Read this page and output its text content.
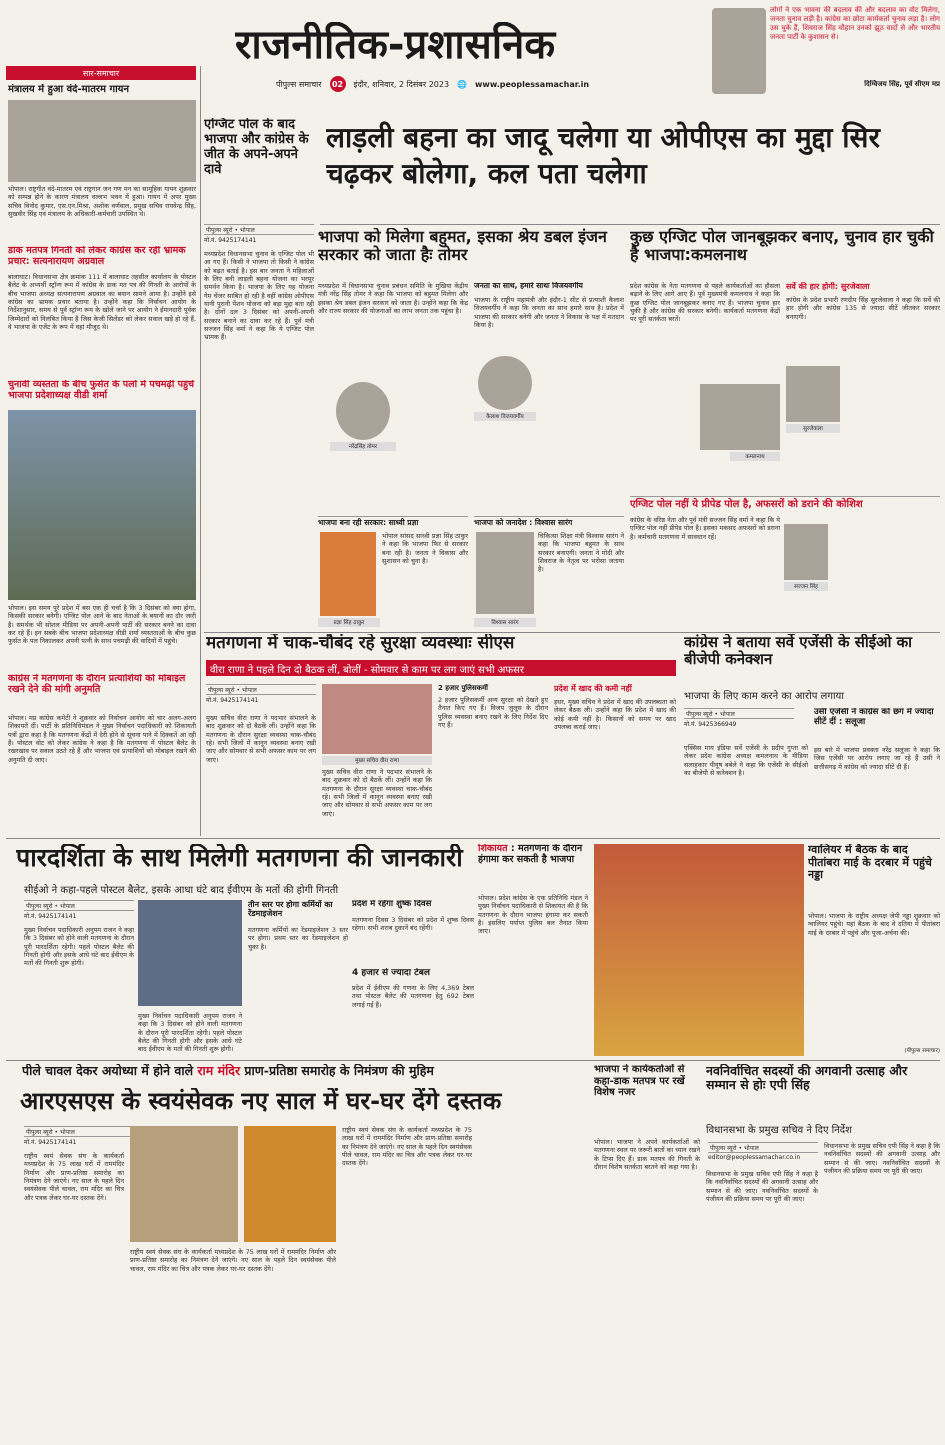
राजनीतिक-प्रशासनिक
पीपुल्स समाचार	02	इंदौर, शनिवार, 2 दिसंबर 2023 🌐 www.peoplessamachar.in
लोगों ने एक भावना की बदलाव की और बदलाव का वोट मिलेगा, जनता चुनाव लड़ी है। कांग्रेस का छोटा कार्यकर्ता चुनाव लड़ा है। लोग उस चुके हैं, शिवराज सिंह चौहान उनको झूठ वादों से और भारतीय जनता पार्टी के कुशासन से।
दिग्विजय सिंह, पूर्व सीएम मप्र
सार-समाचार
मंत्रालय में हुआ वंदे-मातरम गायन
भोपाल। राष्ट्रगीत वंदे-मातरम एवं राष्ट्रगान जन गण मन का सामूहिक गायन शुक्रवार को सम्पन्न होने के कारण मंत्रालय वल्लभ भवन में हुआ। गायन में अपर मुख्य सचिव विनोद कुमार, एस.एन.मिश्रा, अशोक वर्णवाल, प्रमुख सचिव राघवेन्द्र सिंह, सुखवीर सिंह एवं मंत्रालय के अधिकारी-कर्मचारी उपस्थित थे।
डाक मतपत्र गिनती को लेकर कांग्रेस कर रही भ्रामक प्रचार: सत्यनारायण अग्रवाल
बालाघाट। विधानसभा क्षेत्र क्रमांक 111 में बालाघाट तहसील कार्यालय के पोस्टल बैलेट के अभ्यर्थी स्ट्रॉन्ग रूम में कांग्रेस के डाक मत पत्र की गिनती के आरोपों के बीच भाजपा अध्यक्ष सत्यनारायण अग्रवाल का बयान सामने आया है। उन्होंने इसे कांग्रेस का भ्रामक प्रचार बताया है। उन्होंने कहा कि निर्वाचन आयोग के निर्देशानुसार, समय से पूर्व स्ट्रॉन्ग रूम के खोले जाने पर आयोग ने ईमानदारी पूर्वक जिम्मेदारों को निलंबित किया है जिस केजी सिलेंडर को लेकर सवाल खड़े हो रहे हैं, वे भाजपा के एजेंट के रूप में वहां मौजूद थे।
चुनावी व्यस्तता के बीच फुर्सत के पलों में पचमढ़ी पहुंचे भाजपा प्रदेशाध्यक्ष वीडी शर्मा
भोपाल। इस समय पूरे प्रदेश में बस एक ही चर्चा है कि 3 दिसंबर को क्या होगा, किसकी सरकार बनेगी। एग्जिट पोल आने के बाद नेताओं के बयानों का दौर जारी है। समर्थक भी सोशल मीडिया पर अपनी-अपनी पार्टी की सरकार बनने का दावा कर रहे हैं। इन सबके बीच भाजपा प्रदेशाध्यक्ष वीडी शर्मा व्यस्तताओं के बीच कुछ फुर्सत के पल निकालकर अपनी पत्नी के साथ पचमढ़ी की वादियों में पहुंचे।
कांग्रेस ने मतगणना के दौरान प्रत्याशियों को मोबाइल रखने देने की मांगी अनुमति
भोपाल। मप्र कांग्रेस कमेटी ने शुक्रवार को निर्वाचन आयोग को चार अलग-अलग शिकायतें दीं। पार्टी के प्रतिनिधिमंडल ने मुख्य निर्वाचन पदाधिकारी को शिकायती पत्रों द्वारा कहा है कि मतगणना केंद्रों में देरी होने से सूचना पाने में दिक्कतें आ रही हैं। पोस्टल वोट को लेकर कांग्रेस ने कहा है कि मतगणना में पोस्टल बैलेट के रखरखाव पर सवाल उठते रहे हैं और भाजपा एवं प्रत्याशियों को मोबाइल रखने की अनुमति दी जाए।
एग्जिट पोल के बाद भाजपा और कांग्रेस के जीत के अपने-अपने दावे
पीपुल्स ब्यूरो • भोपाल
मो.नं. 9425174141
मध्यप्रदेश विधानसभा चुनाव के एग्जिट पोल भी आ गए हैं। किसी ने भाजपा तो किसी ने कांग्रेस को बढ़त बताई है। इस बार जनता ने महिलाओं के लिए बनी लाड़ली बहना योजना का भरपूर समर्थन किया है। भाजपा के लिए यह योजना गेम चेंजर साबित हो रही है वहीं कांग्रेस ओपीएस यानी पुरानी पेंशन योजना को बड़ा मुद्दा बता रही है। दोनों दल 3 दिसंबर को अपनी-अपनी सरकार बनाने का दावा कर रहे हैं। पूर्व मंत्री सज्जन सिंह वर्मा ने कहा कि ये एग्जिट पोल भ्रामक हैं।
लाड़ली बहना का जादू चलेगा या ओपीएस का मुद्दा सिर चढ़कर बोलेगा, कल पता चलेगा
भाजपा को मिलेगा बहुमत, इसका श्रेय डबल इंजन सरकार को जाता हैः तोमर
मध्यप्रदेश में विधानसभा चुनाव प्रबंधन समिति के मुखिया केंद्रीय मंत्री नरेंद्र सिंह तोमर ने कहा कि भाजपा को बहुमत मिलेगा और इसका श्रेय डबल इंजन सरकार को जाता है। उन्होंने कहा कि केंद्र और राज्य सरकार की योजनाओं का लाभ जनता तक पहुंचा है।
नरेंद्रसिंह तोमर
जनता का साथ, हमारे साथः विजयवर्गीय
भाजपा के राष्ट्रीय महामंत्री और इंदौर-1 सीट से प्रत्याशी कैलाश विजयवर्गीय ने कहा कि जनता का साथ हमारे साथ है। प्रदेश में भाजपा की सरकार बनेगी और जनता ने विकास के पक्ष में मतदान किया है।
कैलाश विजयवर्गीय
भाजपा बना रही सरकार: साध्वी प्रज्ञा
प्रज्ञा सिंह ठाकुर
भोपाल सांसद साध्वी प्रज्ञा सिंह ठाकुर ने कहा कि भाजपा फिर से सरकार बना रही है। जनता ने विकास और सुशासन को चुना है।
भाजपा को जनादेश : विश्वास सारंग
विश्वास सारंग
चिकित्सा शिक्षा मंत्री विश्वास सारंग ने कहा कि भाजपा बहुमत के साथ सरकार बनाएगी। जनता ने मोदी और शिवराज के नेतृत्व पर भरोसा जताया है।
कुछ एग्जिट पोल जानबूझकर बनाए, चुनाव हार चुकी है भाजपा:कमलनाथ
प्रदेश कांग्रेस के नेता मतगणना से पहले कार्यकर्ताओं का हौसला बढ़ाने के लिए आगे आए हैं। पूर्व मुख्यमंत्री कमलनाथ ने कहा कि कुछ एग्जिट पोल जानबूझकर बनाए गए हैं। भाजपा चुनाव हार चुकी है और कांग्रेस की सरकार बनेगी। कार्यकर्ता मतगणना केंद्रों पर पूरी सतर्कता बरतें।
कमलनाथ
सर्वे की हार होगी: सुरजेवाला
कांग्रेस के प्रदेश प्रभारी रणदीप सिंह सुरजेवाला ने कहा कि सर्वे की हार होगी और कांग्रेस 135 से ज्यादा सीटें जीतकर सरकार बनाएगी।
सुरजेवाला
एग्जिट पोल नहीं ये प्रीपेड पोल है, अफसरों को डराने की कोशिश
कांग्रेस के वरिष्ठ नेता और पूर्व मंत्री सज्जन सिंह वर्मा ने कहा कि ये एग्जिट पोल नहीं प्रीपेड पोल है। इसका मकसद अफसरों को डराना है। कर्मचारी मतगणना में सावधान रहें।
सज्जन सिंह
मतगणना में चाक-चौबंद रहे सुरक्षा व्यवस्थाः सीएस
वीरा राणा ने पहले दिन दो बैठक लीं, बोलीं - सोमवार से काम पर लग जाएं सभी अफसर
पीपुल्स ब्यूरो • भोपाल
मो.नं. 9425174141
मुख्य सचिव वीरा राणा ने पदभार संभालने के बाद शुक्रवार को दो बैठकें लीं। उन्होंने कहा कि मतगणना के दौरान सुरक्षा व्यवस्था चाक-चौबंद रहे। सभी जिलों में कानून व्यवस्था बनाए रखी जाए और सोमवार से सभी अफसर काम पर लग जाएं।	मुख्य सचिव वीरा राणा
मुख्य सचिव वीरा राणा ने पदभार संभालने के बाद शुक्रवार को दो बैठकें लीं। उन्होंने कहा कि मतगणना के दौरान सुरक्षा व्यवस्था चाक-चौबंद रहे। सभी जिलों में कानून व्यवस्था बनाए रखी जाए और सोमवार से सभी अफसर काम पर लग जाएं।
2 हजार पुलिसकर्मी
2 हजार पुलिसकर्मी अन्य सुरक्षा को देखते हुए तैनात किए गए हैं। विजय जुलूस के दौरान पुलिस व्यवस्था बनाए रखने के लिए निर्देश दिए गए हैं।
प्रदेश में खाद की कमी नहीं
इधर, मुख्य सचिव ने प्रदेश में खाद की उपलब्धता को लेकर बैठक ली। उन्होंने कहा कि प्रदेश में खाद की कोई कमी नहीं है। किसानों को समय पर खाद उपलब्ध कराई जाए।
कांग्रेस ने बताया सर्वे एजेंसी के सीईओ का बीजेपी कनेक्शन
भाजपा के लिए काम करने का आरोप लगाया
पीपुल्स ब्यूरो • भोपाल
मो.नं. 9425366949
एक्सिस माय इंडिया सर्वे एजेंसी के प्रदीप गुप्ता को लेकर प्रदेश कांग्रेस अध्यक्ष कमलनाथ के मीडिया सलाहकार पीयूष बबेले ने कहा कि एजेंसी के सीईओ का बीजेपी से कनेक्शन है।
उसी एजेंसी ने कांग्रेस को छग में ज्यादा सीटें दीं : सलूजा
इस बारे में भाजपा प्रवक्ता नरेंद्र सलूजा ने कहा कि जिस एजेंसी पर आरोप लगाए जा रहे हैं उसी ने छत्तीसगढ़ में कांग्रेस को ज्यादा सीटें दी हैं।
पारदर्शिता के साथ मिलेगी मतगणना की जानकारी
सीईओ ने कहा-पहले पोस्टल बैलेट, इसके आधा घंटे बाद ईवीएम के मतों की होगी गिनती
पीपुल्स ब्यूरो • भोपाल
मो.नं. 9425174141
मुख्य निर्वाचन पदाधिकारी अनुपम राजन ने कहा कि 3 दिसंबर को होने वाली मतगणना के दौरान पूरी पारदर्शिता रहेगी। पहले पोस्टल बैलेट की गिनती होगी और इसके आधे घंटे बाद ईवीएम के मतों की गिनती शुरू होगी।
मुख्य निर्वाचन पदाधिकारी अनुपम राजन ने कहा कि 3 दिसंबर को होने वाली मतगणना के दौरान पूरी पारदर्शिता रहेगी। पहले पोस्टल बैलेट की गिनती होगी और इसके आधे घंटे बाद ईवीएम के मतों की गिनती शुरू होगी।
तीन स्तर पर होगा कर्मियों का रेंडमाइजेशन
मतगणना कर्मियों का रेंडमाइजेशन 3 स्तर पर होगा। प्रथम स्तर का रेंडमाइजेशन हो चुका है।
प्रदेश में रहेगा शुष्क दिवस
मतगणना दिवस 3 दिसंबर को प्रदेश में शुष्क दिवस रहेगा। सभी शराब दुकानें बंद रहेंगी।
4 हजार से ज्यादा टेबल
प्रदेश में ईवीएम की गणना के लिए 4,369 टेबल तथा पोस्टल बैलेट की मतगणना हेतु 692 टेबल लगाई गई हैं।
शिकायत : मतगणना के दौरान हंगामा कर सकती है भाजपा
भोपाल। प्रदेश कांग्रेस के एक प्रतिनिधि मंडल ने मुख्य निर्वाचन पदाधिकारी से शिकायत की है कि मतगणना के दौरान भाजपा हंगामा कर सकती है। इसलिए पर्याप्त पुलिस बल तैनात किया जाए।
ग्वालियर में बैठक के बाद पीतांबरा माई के दरबार में पहुंचे नड्डा
भोपाल। भाजपा के राष्ट्रीय अध्यक्ष जेपी नड्डा शुक्रवार को ग्वालियर पहुंचे। यहां बैठक के बाद वे दतिया में पीतांबरा माई के दरबार में पहुंचे और पूजा-अर्चना की।
(पीपुल्स समाचार)
पीले चावल देकर अयोध्या में होने वाले राम मंदिर प्राण-प्रतिष्ठा समारोह के निमंत्रण की मुहिम
आरएसएस के स्वयंसेवक नए साल में घर-घर देंगे दस्तक
पीपुल्स ब्यूरो • भोपाल
मो.नं. 9425174141
राष्ट्रीय स्वयं सेवक संघ के कार्यकर्ता मध्यप्रदेश के 75 लाख घरों में राममंदिर निर्माण और प्राण-प्रतिष्ठा समारोह का निमंत्रण देने जाएंगे। नए साल के पहले दिन स्वयंसेवक पीले चावल, राम मंदिर का चित्र और पत्रक लेकर घर-घर दस्तक देंगे।
राष्ट्रीय स्वयं सेवक संघ के कार्यकर्ता मध्यप्रदेश के 75 लाख घरों में राममंदिर निर्माण और प्राण-प्रतिष्ठा समारोह का निमंत्रण देने जाएंगे। नए साल के पहले दिन स्वयंसेवक पीले चावल, राम मंदिर का चित्र और पत्रक लेकर घर-घर दस्तक देंगे।
राष्ट्रीय स्वयं सेवक संघ के कार्यकर्ता मध्यप्रदेश के 75 लाख घरों में राममंदिर निर्माण और प्राण-प्रतिष्ठा समारोह का निमंत्रण देने जाएंगे। नए साल के पहले दिन स्वयंसेवक पीले चावल, राम मंदिर का चित्र और पत्रक लेकर घर-घर दस्तक देंगे।
भाजपा ने कार्यकर्ताओं से कहा-डाक मतपत्र पर रखें विशेष नजर
भोपाल। भाजपा ने अपने कार्यकर्ताओं को मतगणना स्थल पर जरूरी बातों का ध्यान रखने के टिप्स दिए हैं। डाक मतपत्र की गिनती के दौरान विशेष सतर्कता बरतने को कहा गया है।
नवनिर्वाचित सदस्यों की अगवानी उत्साह और सम्मान से होः एपी सिंह
विधानसभा के प्रमुख सचिव ने दिए निर्देश
पीपुल्स ब्यूरो • भोपाल
editor@peoplessamachar.co.in
विधानसभा के प्रमुख सचिव एपी सिंह ने कहा है कि नवनिर्वाचित सदस्यों की अगवानी उत्साह और सम्मान से की जाए। नवनिर्वाचित सदस्यों के पंजीयन की प्रक्रिया समय पर पूरी की जाए।
विधानसभा के प्रमुख सचिव एपी सिंह ने कहा है कि नवनिर्वाचित सदस्यों की अगवानी उत्साह और सम्मान से की जाए। नवनिर्वाचित सदस्यों के पंजीयन की प्रक्रिया समय पर पूरी की जाए।
